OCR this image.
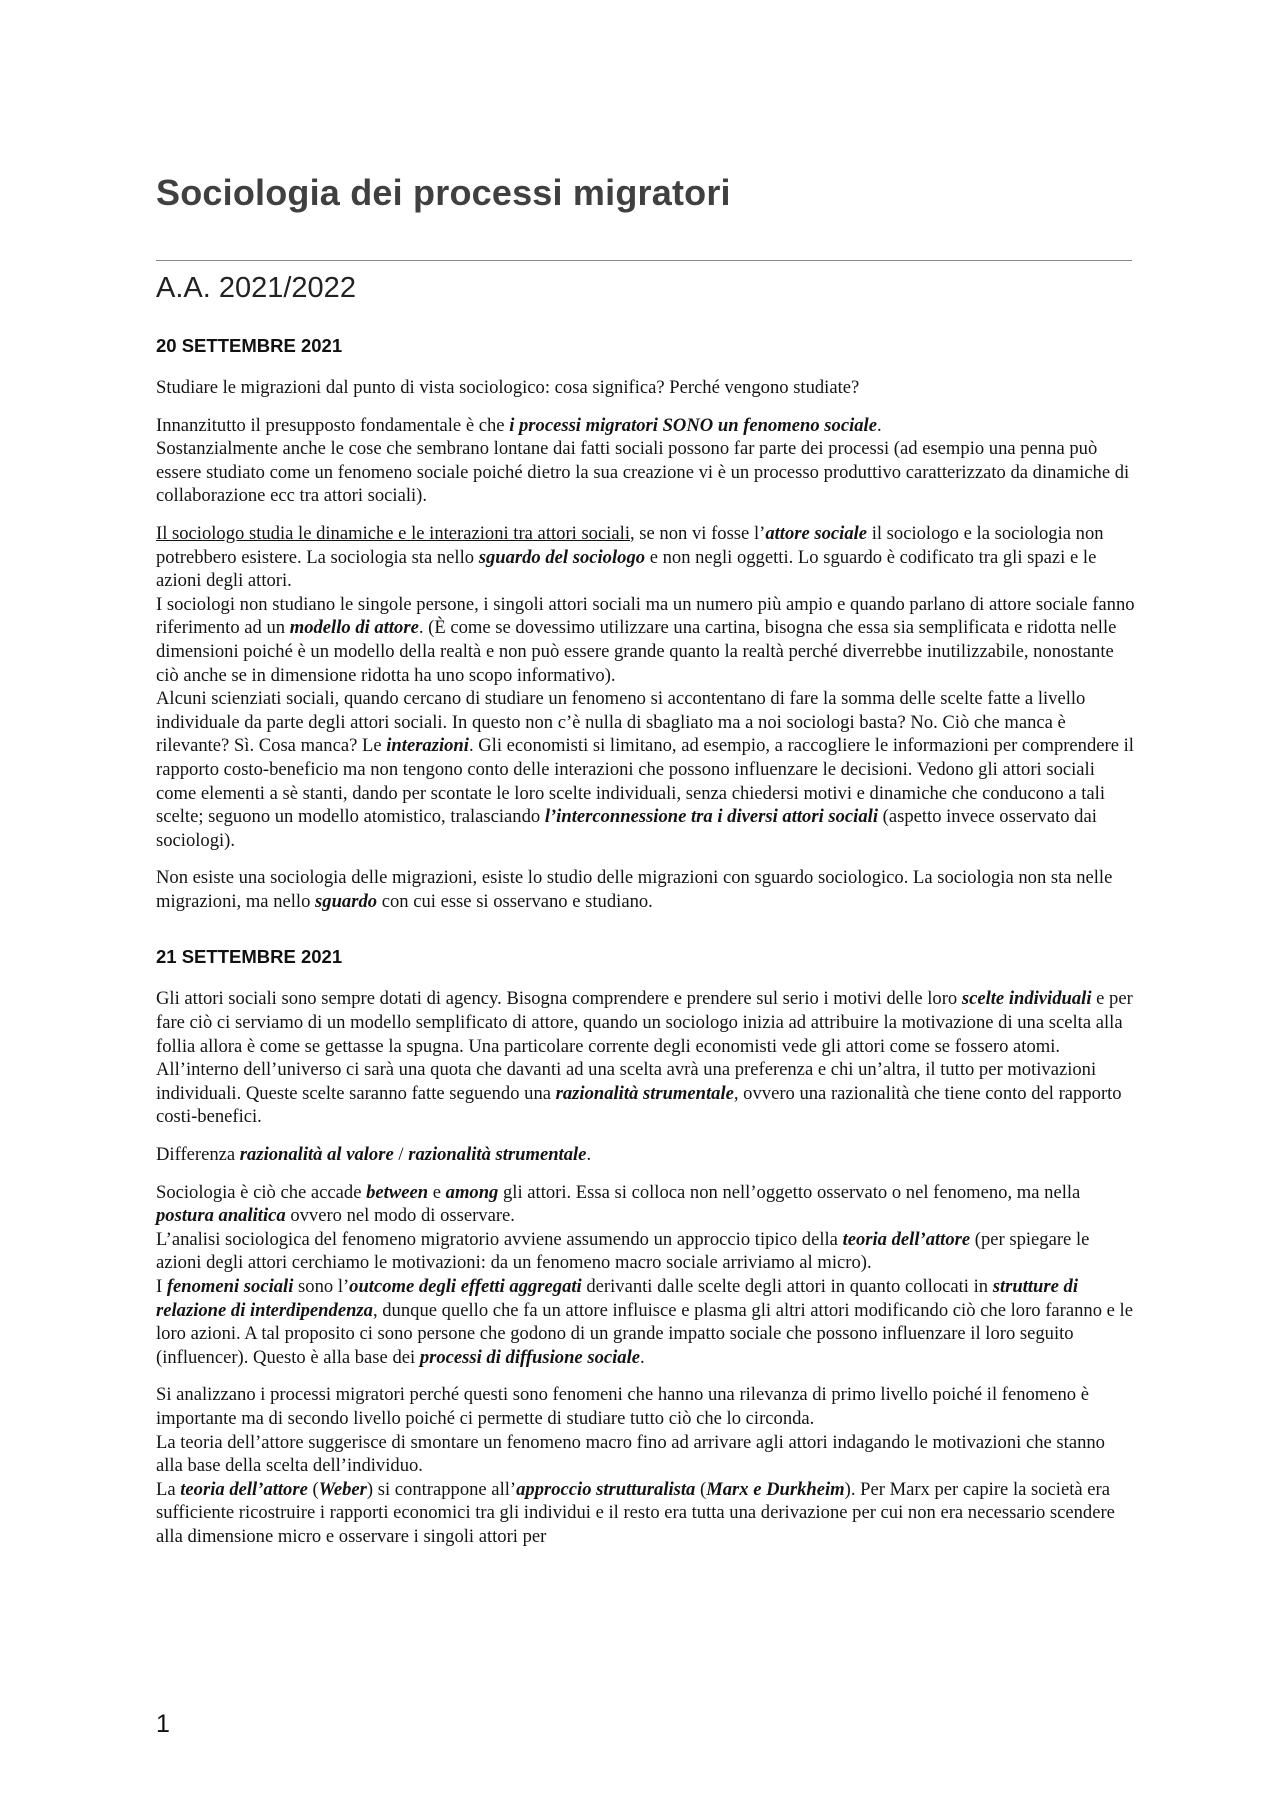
Sociologia dei processi migratori
A.A. 2021/2022
20 SETTEMBRE 2021

Studiare le migrazioni dal punto di vista sociologico: cosa significa? Perché vengono studiate?

Innanzitutto il presupposto fondamentale è che i processi migratori SONO un fenomeno sociale.
Sostanzialmente anche le cose che sembrano lontane dai fatti sociali possono far parte dei processi (ad esempio una penna può essere studiato come un fenomeno sociale poiché dietro la sua creazione vi è un processo produttivo caratterizzato da dinamiche di collaborazione ecc tra attori sociali).

Il sociologo studia le dinamiche e le interazioni tra attori sociali, se non vi fosse l’attore sociale il sociologo e la sociologia non potrebbero esistere. La sociologia sta nello sguardo del sociologo e non negli oggetti. Lo sguardo è codificato tra gli spazi e le azioni degli attori.
I sociologi non studiano le singole persone, i singoli attori sociali ma un numero più ampio e quando parlano di attore sociale fanno riferimento ad un modello di attore. (È come se dovessimo utilizzare una cartina, bisogna che essa sia semplificata e ridotta nelle dimensioni poiché è un modello della realtà e non può essere grande quanto la realtà perché diverrebbe inutilizzabile, nonostante ciò anche se in dimensione ridotta ha uno scopo informativo).
Alcuni scienziati sociali, quando cercano di studiare un fenomeno si accontentano di fare la somma delle scelte fatte a livello individuale da parte degli attori sociali. In questo non c’è nulla di sbagliato ma a noi sociologi basta? No. Ciò che manca è rilevante? Sì. Cosa manca? Le interazioni. Gli economisti si limitano, ad esempio, a raccogliere le informazioni per comprendere il rapporto costo-beneficio ma non tengono conto delle interazioni che possono influenzare le decisioni. Vedono gli attori sociali come elementi a sè stanti, dando per scontate le loro scelte individuali, senza chiedersi motivi e dinamiche che conducono a tali scelte; seguono un modello atomistico, tralasciando l’interconnessione tra i diversi attori sociali (aspetto invece osservato dai sociologi).

Non esiste una sociologia delle migrazioni, esiste lo studio delle migrazioni con sguardo sociologico. La sociologia non sta nelle migrazioni, ma nello sguardo con cui esse si osservano e studiano.

21 SETTEMBRE 2021

Gli attori sociali sono sempre dotati di agency. Bisogna comprendere e prendere sul serio i motivi delle loro scelte individuali e per fare ciò ci serviamo di un modello semplificato di attore, quando un sociologo inizia ad attribuire la motivazione di una scelta alla follia allora è come se gettasse la spugna. Una particolare corrente degli economisti vede gli attori come se fossero atomi. All’interno dell’universo ci sarà una quota che davanti ad una scelta avrà una preferenza e chi un’altra, il tutto per motivazioni individuali. Queste scelte saranno fatte seguendo una razionalità strumentale, ovvero una razionalità che tiene conto del rapporto costi-benefici.

Differenza razionalità al valore / razionalità strumentale.

Sociologia è ciò che accade between e among gli attori. Essa si colloca non nell’oggetto osservato o nel fenomeno, ma nella postura analitica ovvero nel modo di osservare.
L’analisi sociologica del fenomeno migratorio avviene assumendo un approccio tipico della teoria dell’attore (per spiegare le azioni degli attori cerchiamo le motivazioni: da un fenomeno macro sociale arriviamo al micro).
I fenomeni sociali sono l’outcome degli effetti aggregati derivanti dalle scelte degli attori in quanto collocati in strutture di relazione di interdipendenza, dunque quello che fa un attore influisce e plasma gli altri attori modificando ciò che loro faranno e le loro azioni. A tal proposito ci sono persone che godono di un grande impatto sociale che possono influenzare il loro seguito (influencer). Questo è alla base dei processi di diffusione sociale.

Si analizzano i processi migratori perché questi sono fenomeni che hanno una rilevanza di primo livello poiché il fenomeno è importante ma di secondo livello poiché ci permette di studiare tutto ciò che lo circonda.
La teoria dell’attore suggerisce di smontare un fenomeno macro fino ad arrivare agli attori indagando le motivazioni che stanno alla base della scelta dell’individuo.
La teoria dell’attore (Weber) si contrappone all’approccio strutturalista (Marx e Durkheim). Per Marx per capire la società era sufficiente ricostruire i rapporti economici tra gli individui e il resto era tutta una derivazione per cui non era necessario scendere alla dimensione micro e osservare i singoli attori per

1
